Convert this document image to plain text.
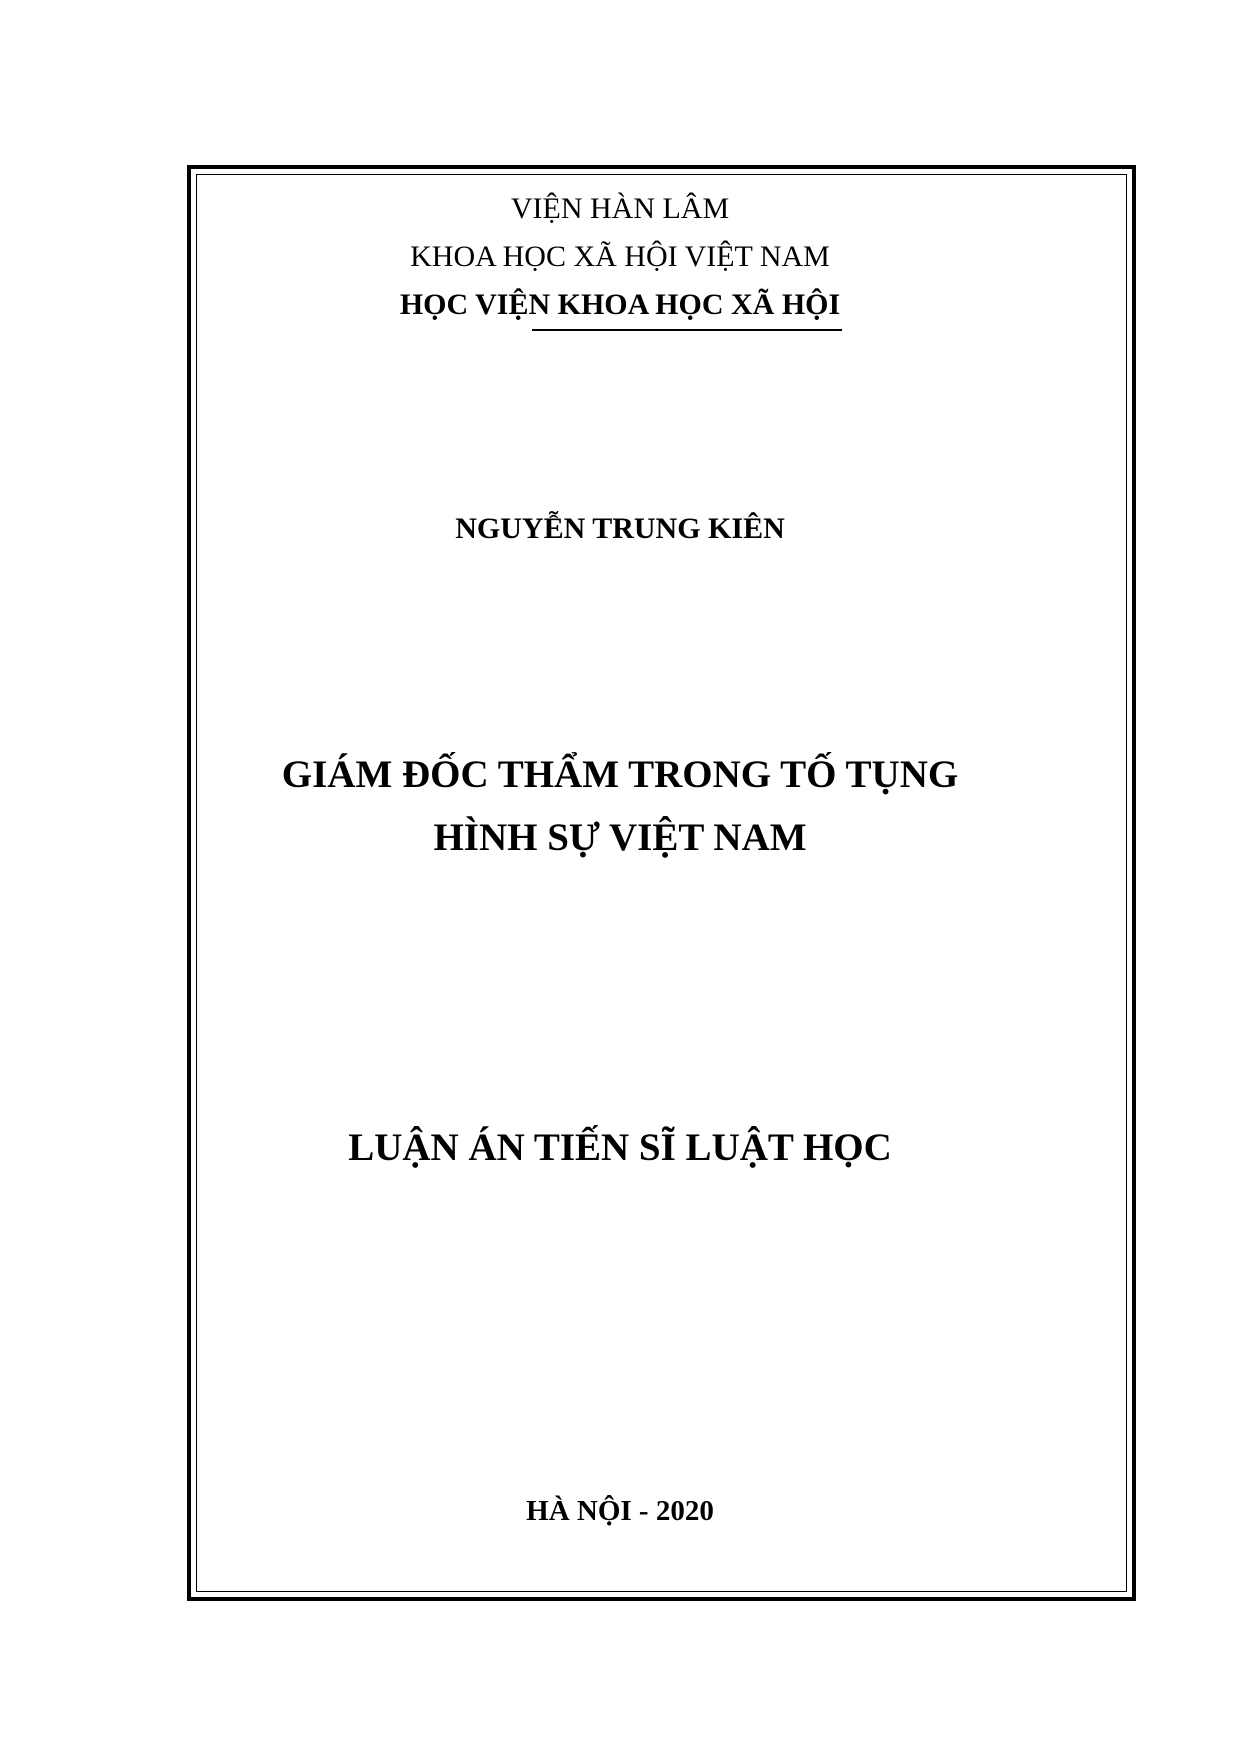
VIỆN HÀN LÂM
KHOA HỌC XÃ HỘI VIỆT NAM
HỌC VIỆN KHOA HỌC XÃ HỘI
NGUYỄN TRUNG KIÊN
GIÁM ĐỐC THẨM TRONG TỐ TỤNG
HÌNH SỰ VIỆT NAM
LUẬN ÁN TIẾN SĨ LUẬT HỌC
HÀ NỘI - 2020
